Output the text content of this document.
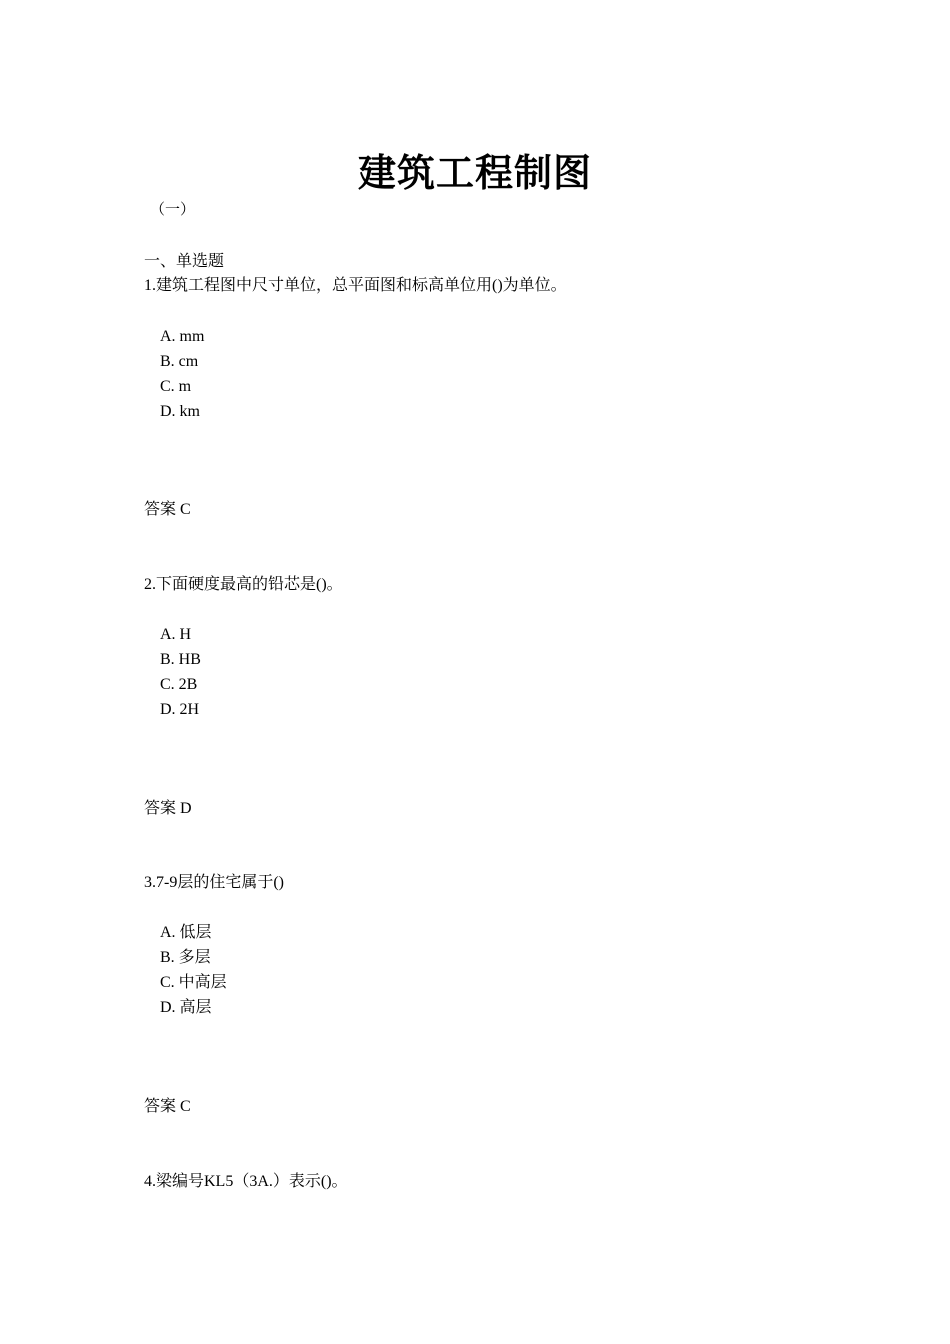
建筑工程制图
（一）
一、单选题
1.建筑工程图中尺寸单位，总平面图和标高单位用()为单位。
A. mm
B. cm
C. m
D. km
答案 C
2.下面硬度最高的铅芯是()。
A. H
B. HB
C. 2B
D. 2H
答案 D
3.7-9层的住宅属于()
A. 低层
B. 多层
C. 中高层
D. 高层
答案 C
4.梁编号KL5（3A.）表示()。
